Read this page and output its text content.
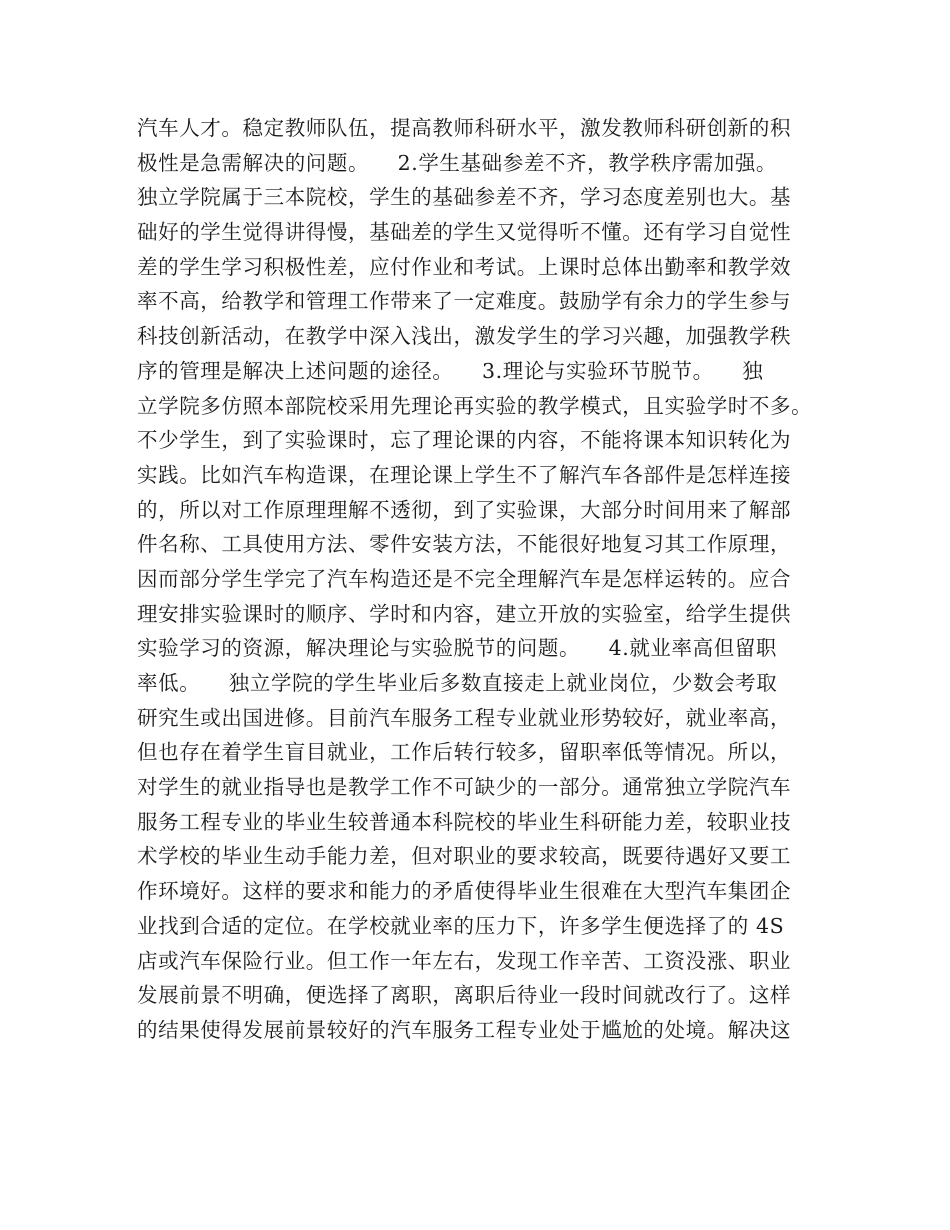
汽车人才。稳定教师队伍，提高教师科研水平，激发教师科研创新的积
极性是急需解决的问题。    2.学生基础参差不齐，教学秩序需加强。
独立学院属于三本院校，学生的基础参差不齐，学习态度差别也大。基
础好的学生觉得讲得慢，基础差的学生又觉得听不懂。还有学习自觉性
差的学生学习积极性差，应付作业和考试。上课时总体出勤率和教学效
率不高，给教学和管理工作带来了一定难度。鼓励学有余力的学生参与
科技创新活动，在教学中深入浅出，激发学生的学习兴趣，加强教学秩
序的管理是解决上述问题的途径。    3.理论与实验环节脱节。    独
立学院多仿照本部院校采用先理论再实验的教学模式，且实验学时不多。
不少学生，到了实验课时，忘了理论课的内容，不能将课本知识转化为
实践。比如汽车构造课，在理论课上学生不了解汽车各部件是怎样连接
的，所以对工作原理理解不透彻，到了实验课，大部分时间用来了解部
件名称、工具使用方法、零件安装方法，不能很好地复习其工作原理，
因而部分学生学完了汽车构造还是不完全理解汽车是怎样运转的。应合
理安排实验课时的顺序、学时和内容，建立开放的实验室，给学生提供
实验学习的资源，解决理论与实验脱节的问题。    4.就业率高但留职
率低。    独立学院的学生毕业后多数直接走上就业岗位，少数会考取
研究生或出国进修。目前汽车服务工程专业就业形势较好，就业率高，
但也存在着学生盲目就业，工作后转行较多，留职率低等情况。所以，
对学生的就业指导也是教学工作不可缺少的一部分。通常独立学院汽车
服务工程专业的毕业生较普通本科院校的毕业生科研能力差，较职业技
术学校的毕业生动手能力差，但对职业的要求较高，既要待遇好又要工
作环境好。这样的要求和能力的矛盾使得毕业生很难在大型汽车集团企
业找到合适的定位。在学校就业率的压力下，许多学生便选择了的 4S
店或汽车保险行业。但工作一年左右，发现工作辛苦、工资没涨、职业
发展前景不明确，便选择了离职，离职后待业一段时间就改行了。这样
的结果使得发展前景较好的汽车服务工程专业处于尴尬的处境。解决这
